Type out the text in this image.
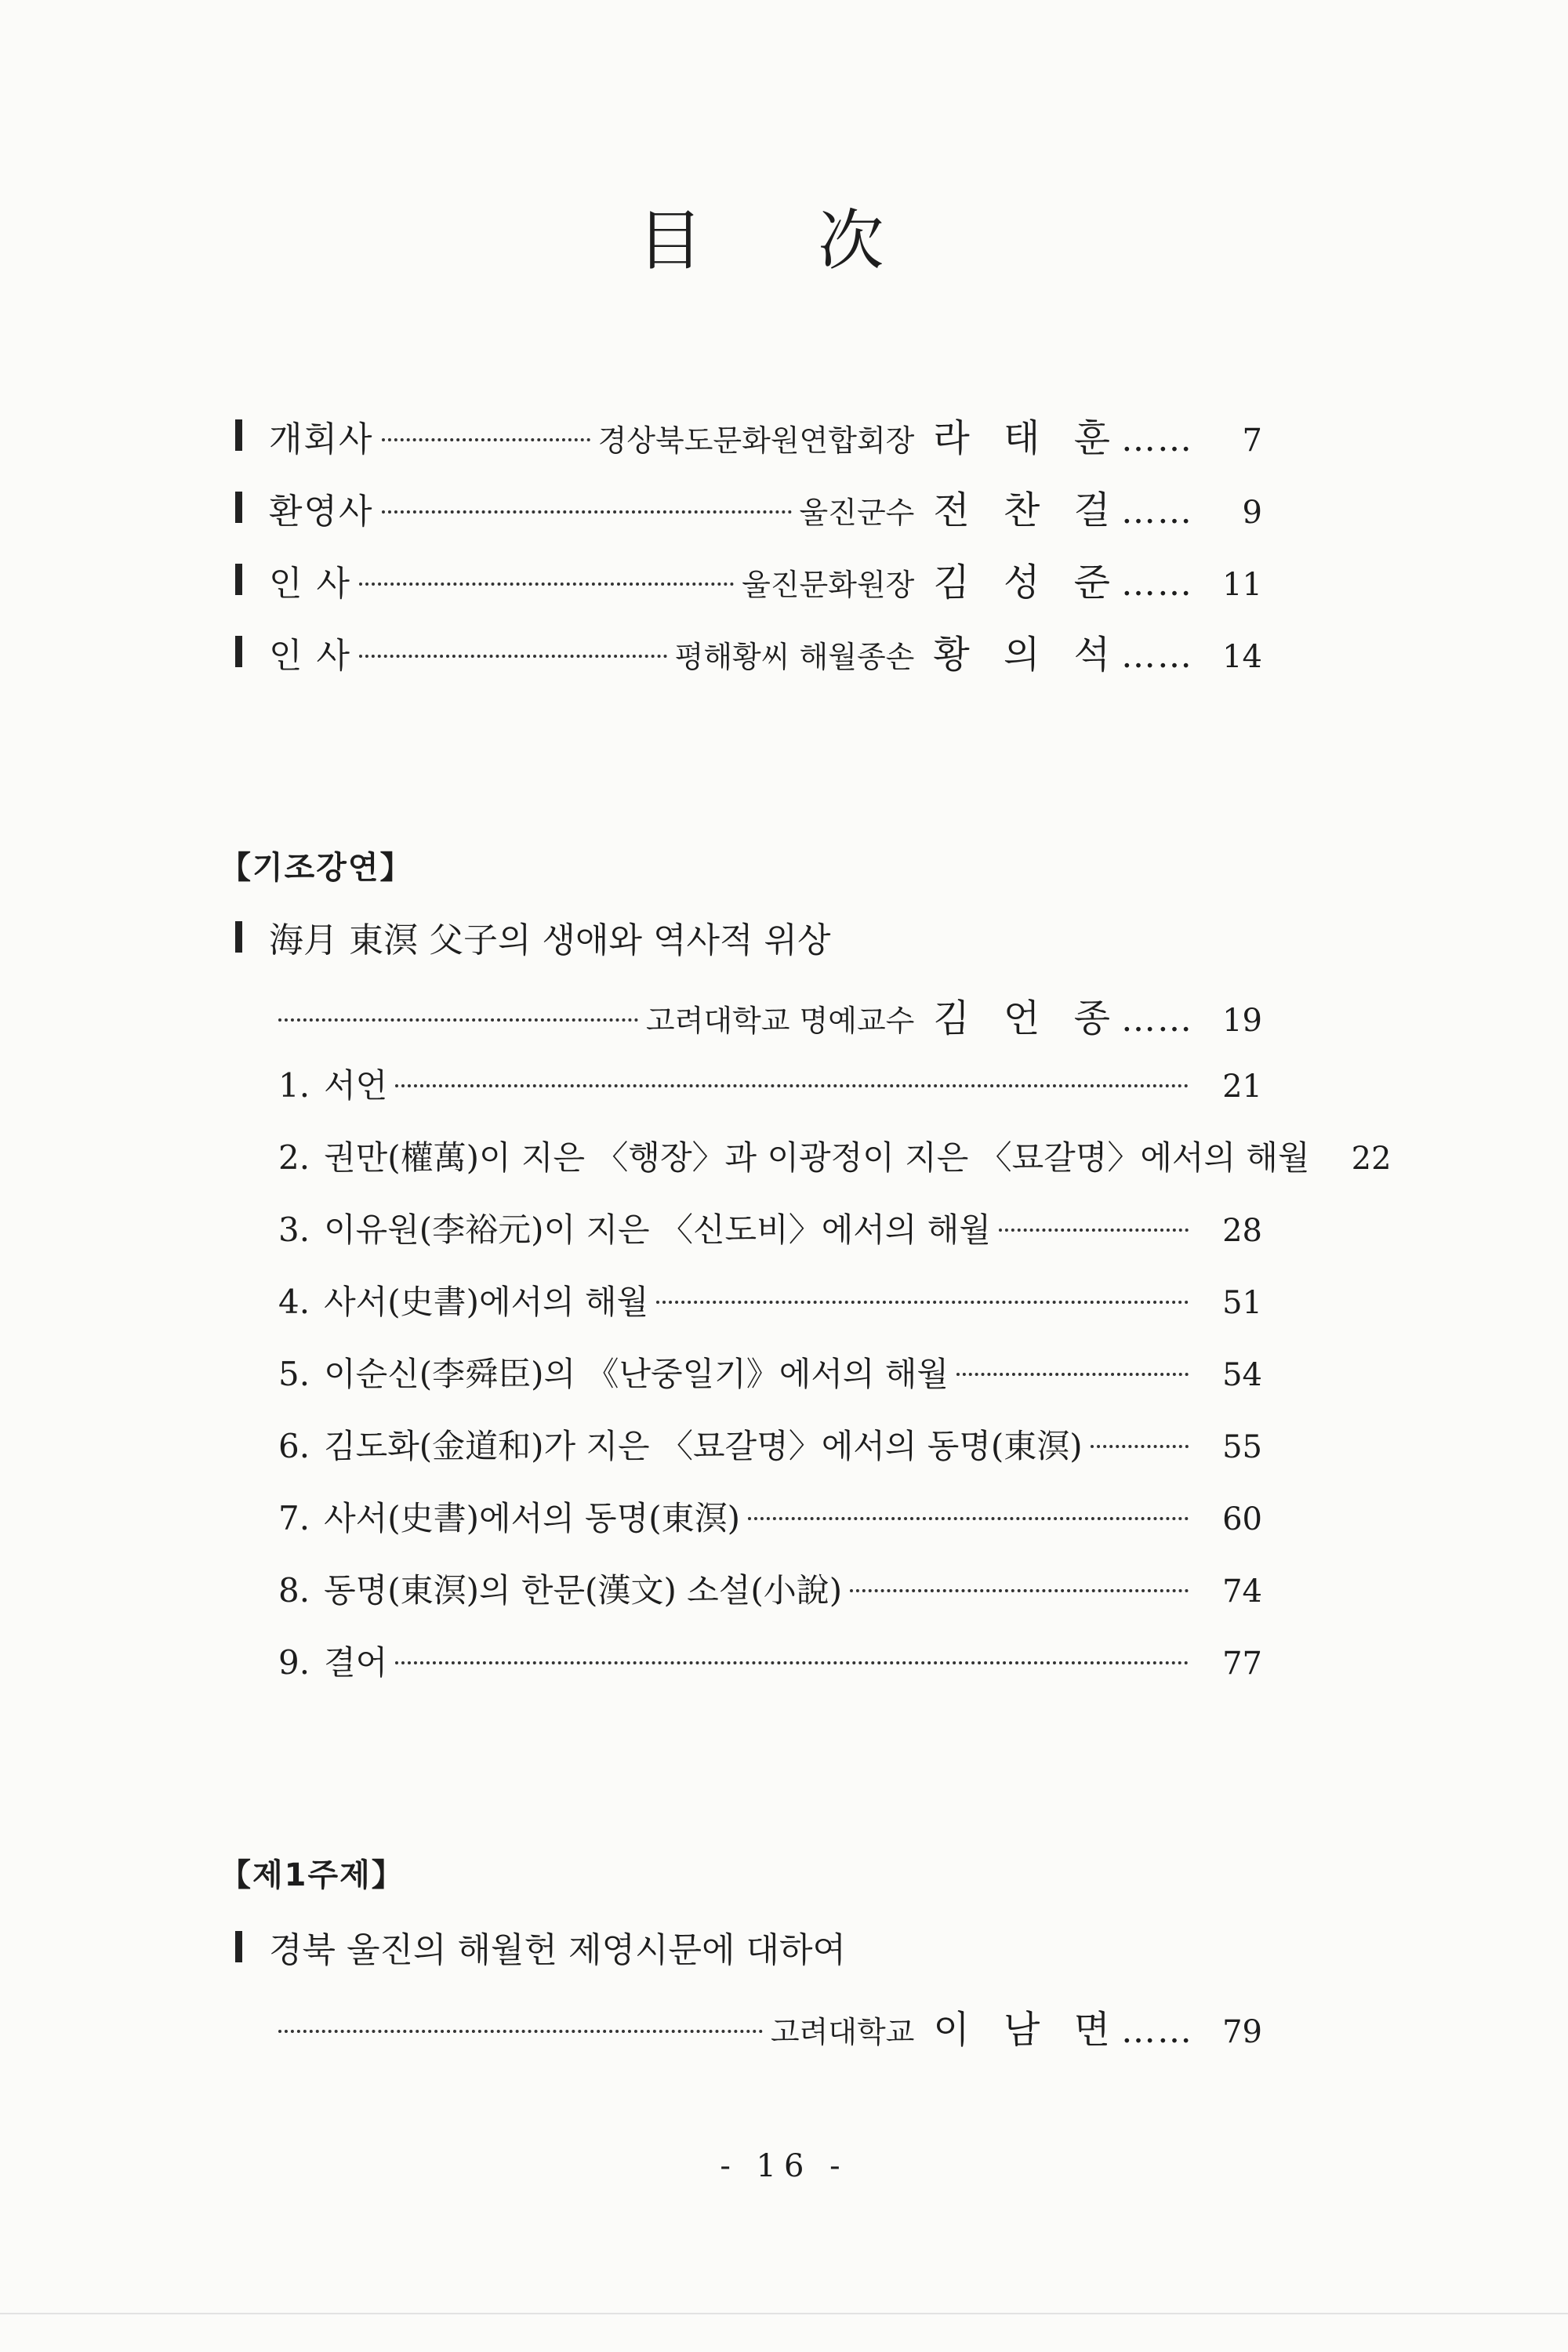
目 次
개회사	경상북도문화원연합회장 라 태 훈 ……	7
환영사	울진군수 전 찬 걸 ……	9
인 사	울진문화원장 김 성 준 …… 11
인 사	평해황씨 해월종손 황 의 석 …… 14
【기조강연】
海月 東溟 父子의 생애와 역사적 위상
고려대학교 명예교수 김 언 종 …… 19
1. 서언	21
2. 권만(權萬)이 지은 〈행장〉과 이광정이 지은 〈묘갈명〉에서의 해월 22
3. 이유원(李裕元)이 지은 〈신도비〉에서의 해월	28
4. 사서(史書)에서의 해월	51
5. 이순신(李舜臣)의 《난중일기》에서의 해월	54
6. 김도화(金道和)가 지은 〈묘갈명〉에서의 동명(東溟)	55
7. 사서(史書)에서의 동명(東溟)	60
8. 동명(東溟)의 한문(漢文) 소설(小說)	74
9. 결어	77
【제1주제】
경북 울진의 해월헌 제영시문에 대하여
고려대학교 이 남 면 …… 79
- 16 -
